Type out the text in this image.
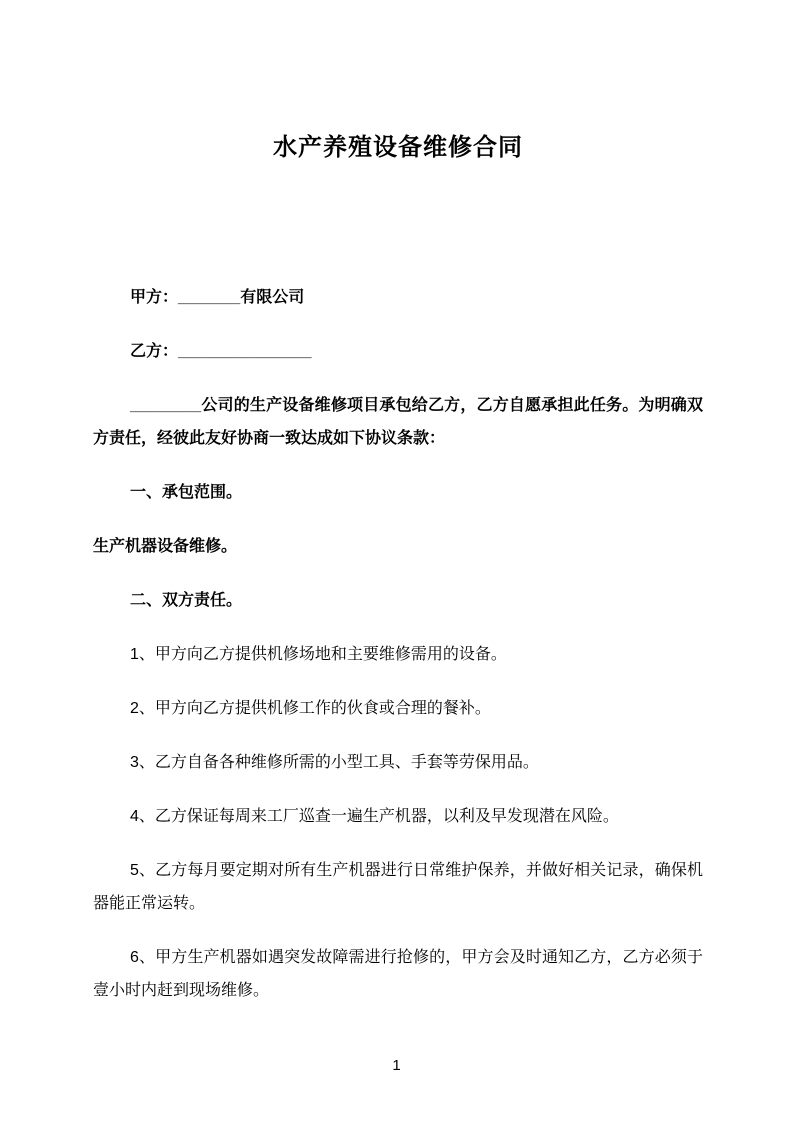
水产养殖设备维修合同

甲方：_______有限公司

乙方：_______________

________公司的生产设备维修项目承包给乙方，乙方自愿承担此任务。为明确双方责任，经彼此友好协商一致达成如下协议条款：

一、承包范围。

生产机器设备维修。

二、双方责任。

1、甲方向乙方提供机修场地和主要维修需用的设备。

2、甲方向乙方提供机修工作的伙食或合理的餐补。

3、乙方自备各种维修所需的小型工具、手套等劳保用品。

4、乙方保证每周来工厂巡查一遍生产机器，以利及早发现潜在风险。

5、乙方每月要定期对所有生产机器进行日常维护保养，并做好相关记录，确保机器能正常运转。

6、甲方生产机器如遇突发故障需进行抢修的，甲方会及时通知乙方，乙方必须于壹小时内赶到现场维修。

1
